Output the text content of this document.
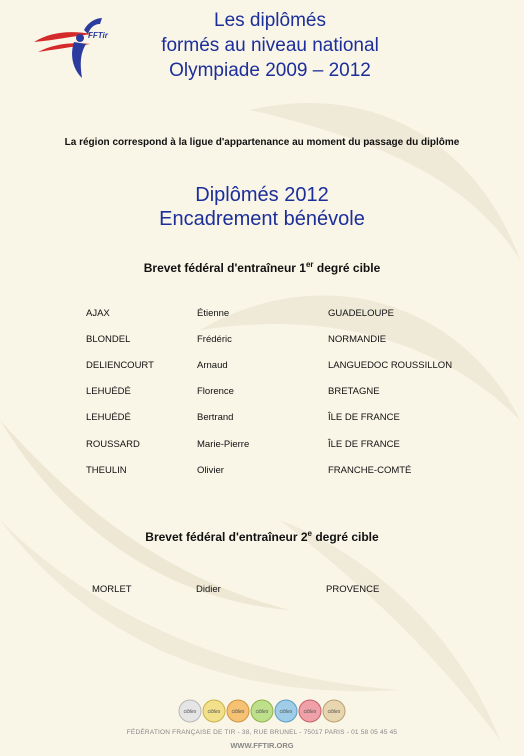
FFTir
Les diplômés
formés au niveau national
Olympiade 2009 – 2012
La région correspond à la ligue d'appartenance au moment du passage du diplôme
Diplômés 2012
Encadrement bénévole
Brevet fédéral d'entraîneur 1er degré cible
AJAX	Étienne	GUADELOUPE
BLONDEL	Frédéric	NORMANDIE
DELIENCOURT	Arnaud	LANGUEDOC ROUSSILLON
LEHUÉDÉ	Florence	BRETAGNE
LEHUÉDÉ	Bertrand	ÎLE DE FRANCE
ROUSSARD	Marie-Pierre	ÎLE DE FRANCE
THEULIN	Olivier	FRANCHE-COMTÉ
Brevet fédéral d'entraîneur 2e degré cible
MORLET	Didier	PROVENCE
cibles cibles cibles cibles cibles cibles cibles
FÉDÉRATION FRANÇAISE DE TIR - 38, RUE BRUNEL - 75017 PARIS - 01 58 05 45 45
WWW.FFTIR.ORG
